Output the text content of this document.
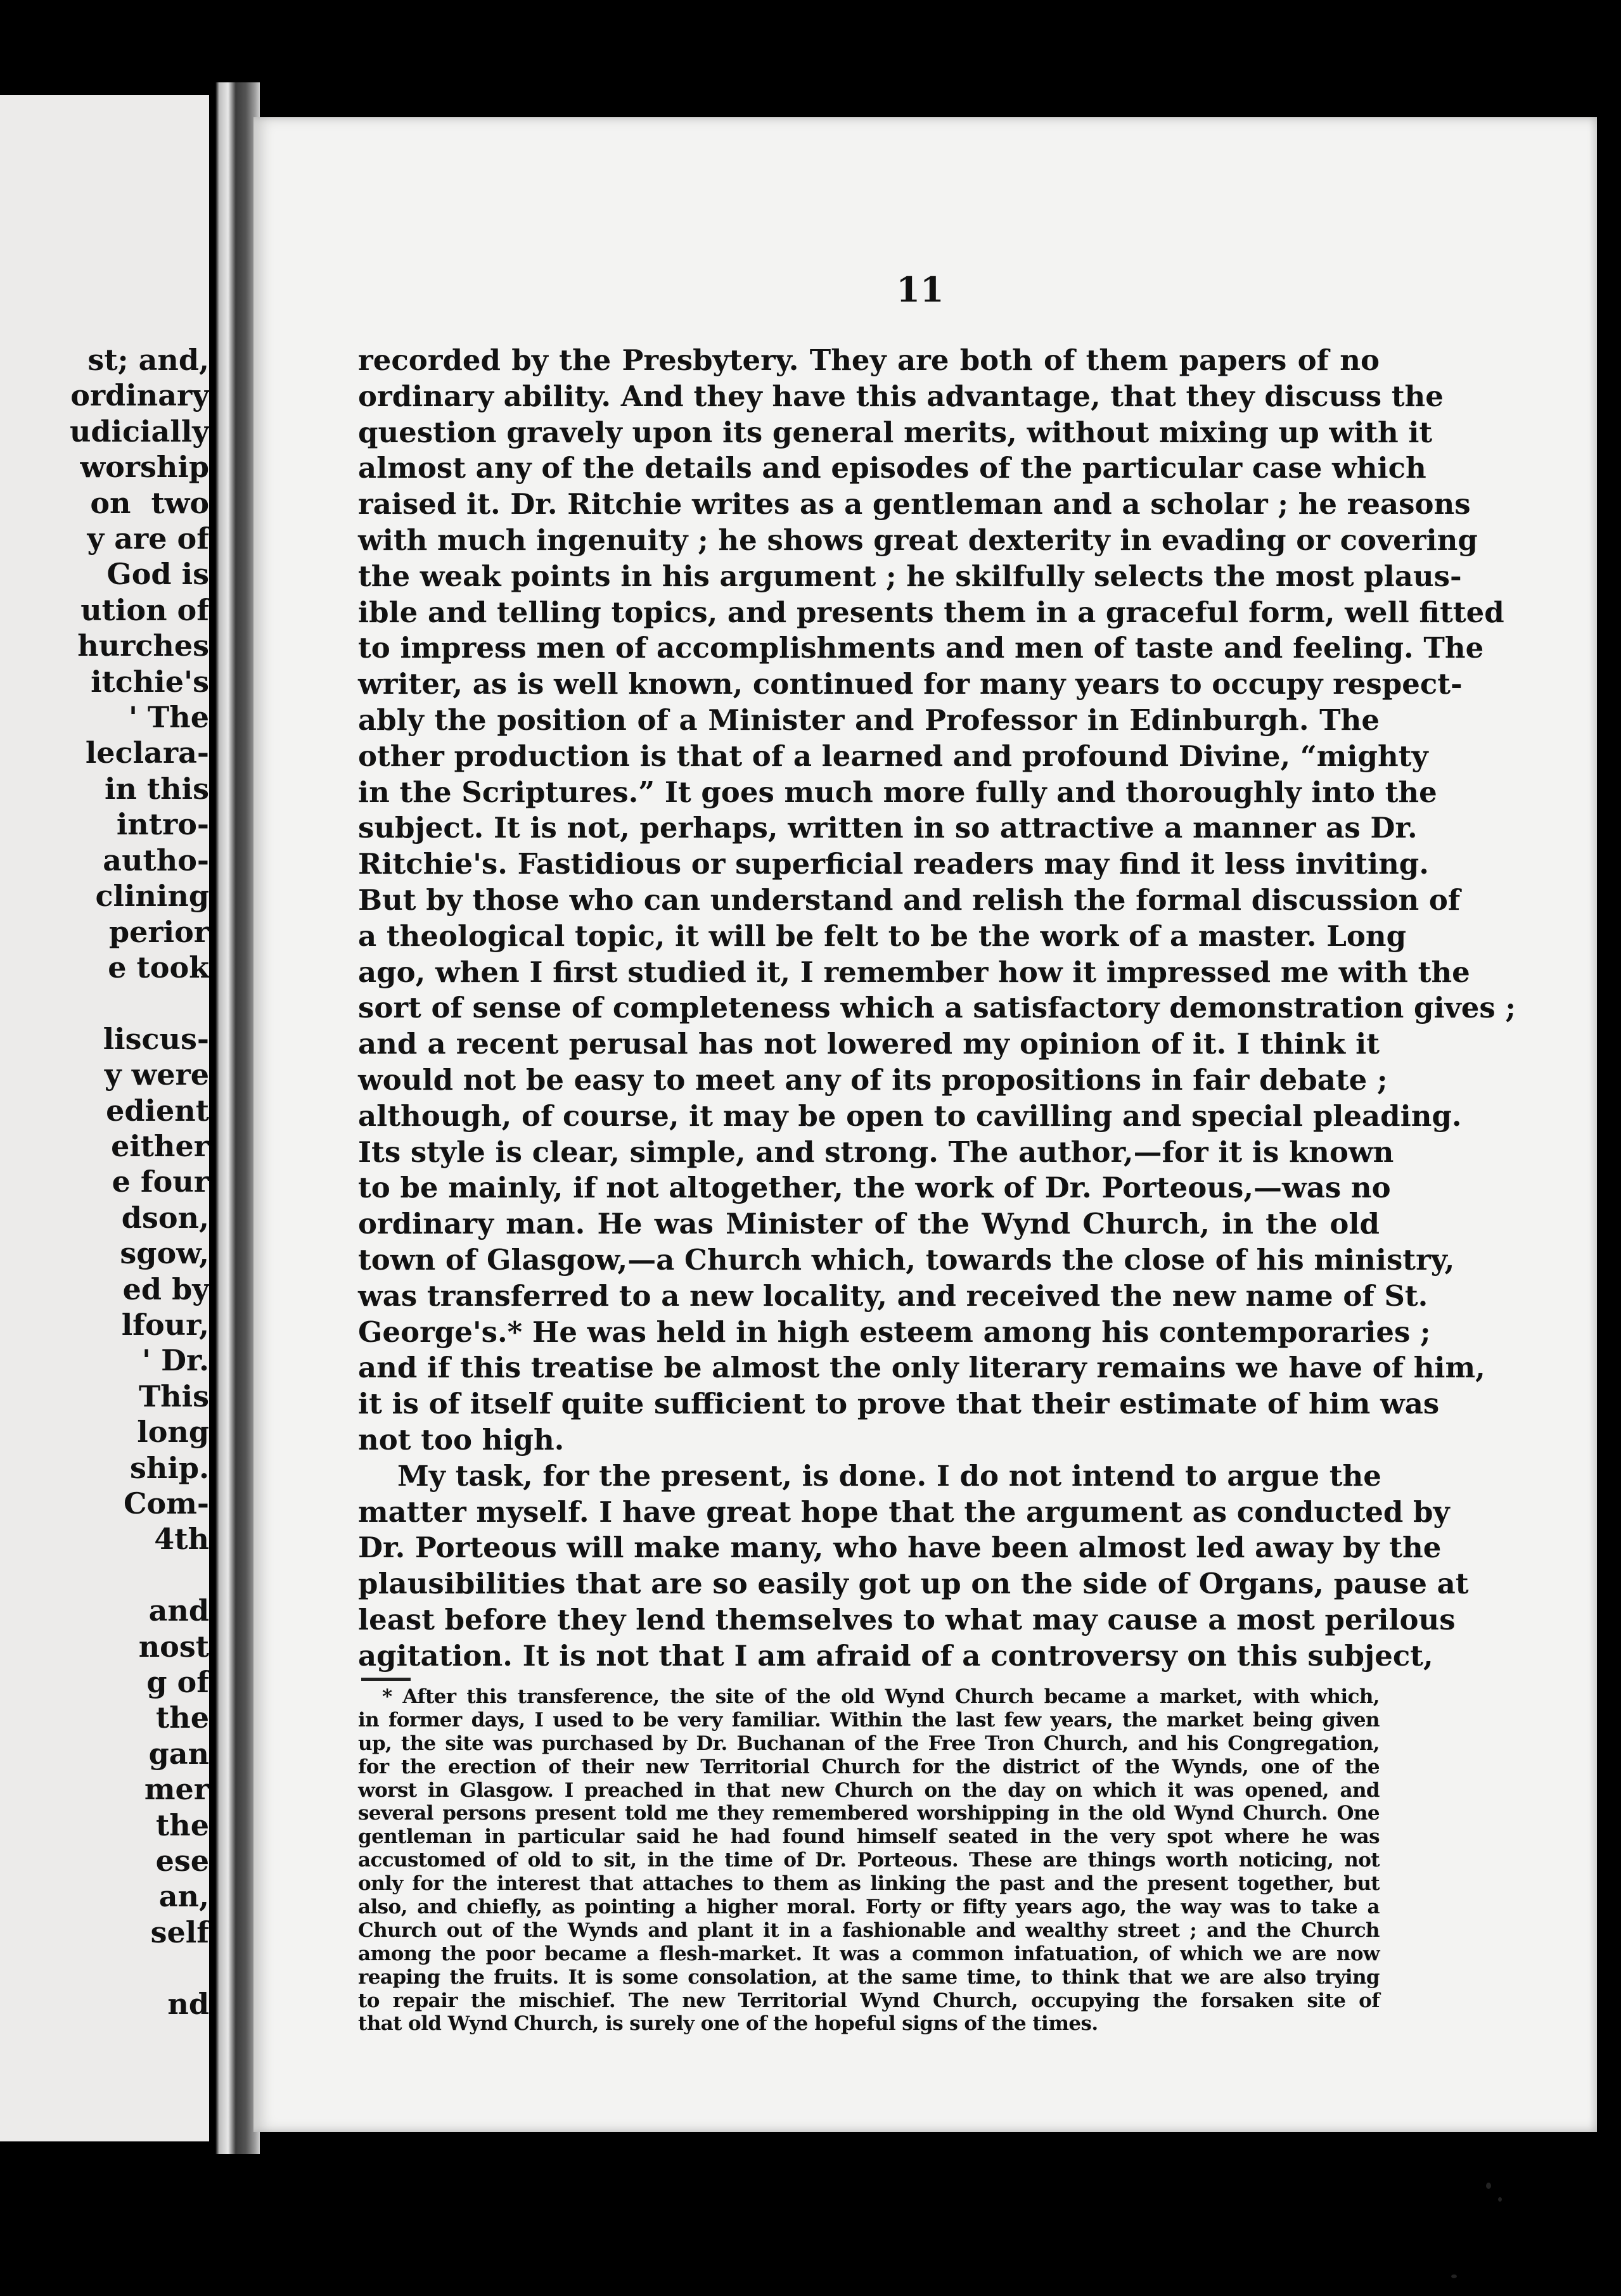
st; and,
ordinary
udicially
worship
on  two
y are of
God is
ution of
hurches
itchie's
' The
leclara-
in this
intro-
autho-
clining
perior
e took

liscus-
y were
edient
either
e four
dson,
sgow,
ed by
lfour,
' Dr.
This
long
ship.
Com-
4th

and
nost
g of
the
gan
mer
the
ese
an,
self

nd
11
recorded by the Presbytery. They are both of them papers of no
ordinary ability. And they have this advantage, that they discuss the
question gravely upon its general merits, without mixing up with it
almost any of the details and episodes of the particular case which
raised it. Dr. Ritchie writes as a gentleman and a scholar ; he reasons
with much ingenuity ; he shows great dexterity in evading or covering
the weak points in his argument ; he skilfully selects the most plaus-
ible and telling topics, and presents them in a graceful form, well fitted
to impress men of accomplishments and men of taste and feeling. The
writer, as is well known, continued for many years to occupy respect-
ably the position of a Minister and Professor in Edinburgh. The
other production is that of a learned and profound Divine, “mighty
in the Scriptures.” It goes much more fully and thoroughly into the
subject. It is not, perhaps, written in so attractive a manner as Dr.
Ritchie's. Fastidious or superficial readers may find it less inviting.
But by those who can understand and relish the formal discussion of
a theological topic, it will be felt to be the work of a master. Long
ago, when I first studied it, I remember how it impressed me with the
sort of sense of completeness which a satisfactory demonstration gives ;
and a recent perusal has not lowered my opinion of it. I think it
would not be easy to meet any of its propositions in fair debate ;
although, of course, it may be open to cavilling and special pleading.
Its style is clear, simple, and strong. The author,—for it is known
to be mainly, if not altogether, the work of Dr. Porteous,—was no
ordinary man. He was Minister of the Wynd Church, in the old
town of Glasgow,—a Church which, towards the close of his ministry,
was transferred to a new locality, and received the new name of St.
George's.* He was held in high esteem among his contemporaries ;
and if this treatise be almost the only literary remains we have of him,
it is of itself quite sufficient to prove that their estimate of him was
not too high.
My task, for the present, is done. I do not intend to argue the
matter myself. I have great hope that the argument as conducted by
Dr. Porteous will make many, who have been almost led away by the
plausibilities that are so easily got up on the side of Organs, pause at
least before they lend themselves to what may cause a most perilous
agitation. It is not that I am afraid of a controversy on this subject,
* After this transference, the site of the old Wynd Church became a market, with which,
in former days, I used to be very familiar. Within the last few years, the market being given
up, the site was purchased by Dr. Buchanan of the Free Tron Church, and his Congregation,
for the erection of their new Territorial Church for the district of the Wynds, one of the
worst in Glasgow. I preached in that new Church on the day on which it was opened, and
several persons present told me they remembered worshipping in the old Wynd Church. One
gentleman in particular said he had found himself seated in the very spot where he was
accustomed of old to sit, in the time of Dr. Porteous. These are things worth noticing, not
only for the interest that attaches to them as linking the past and the present together, but
also, and chiefly, as pointing a higher moral. Forty or fifty years ago, the way was to take a
Church out of the Wynds and plant it in a fashionable and wealthy street ; and the Church
among the poor became a flesh-market. It was a common infatuation, of which we are now
reaping the fruits. It is some consolation, at the same time, to think that we are also trying
to repair the mischief. The new Territorial Wynd Church, occupying the forsaken site of
that old Wynd Church, is surely one of the hopeful signs of the times.
